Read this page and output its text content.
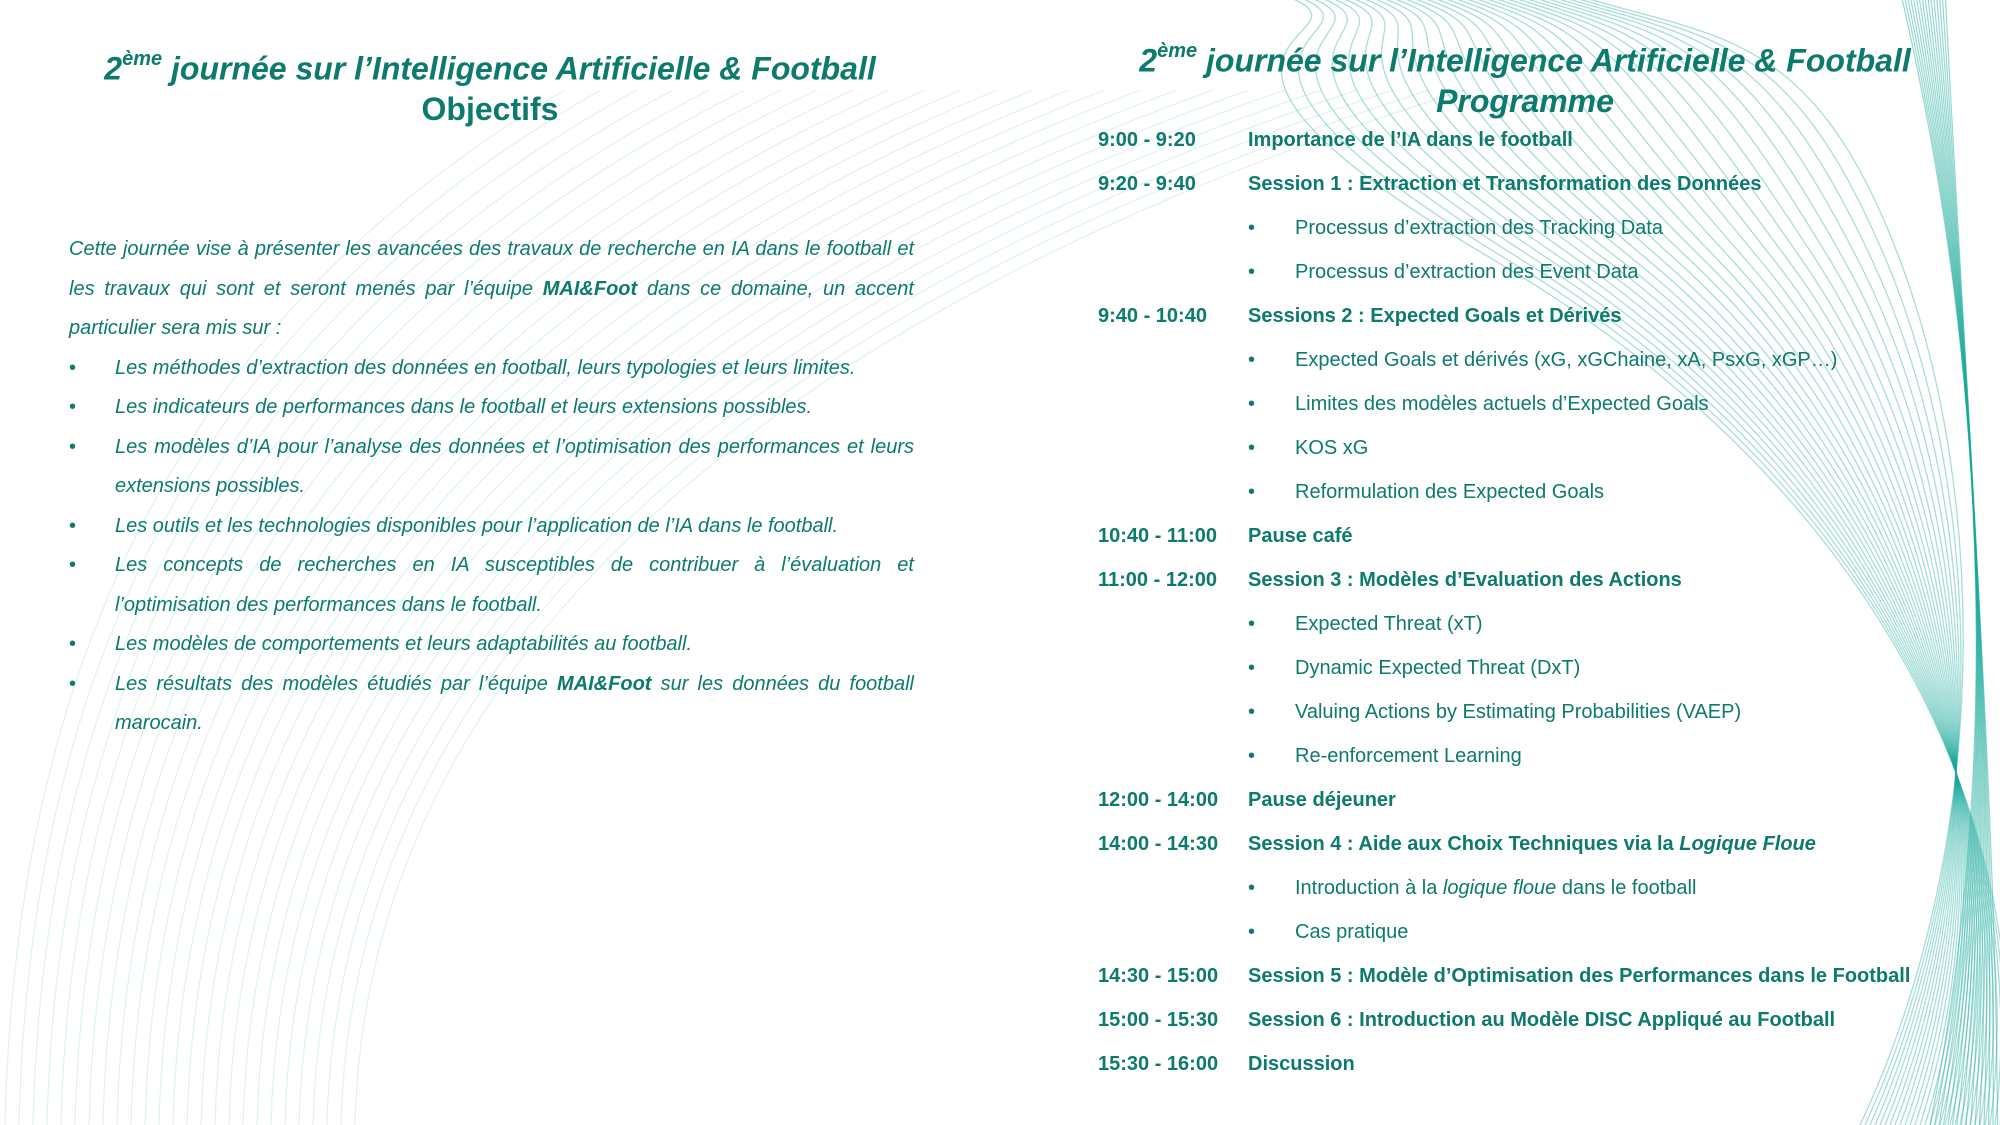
2ème journée sur l’Intelligence Artificielle & Football
Objectifs
2ème journée sur l’Intelligence Artificielle & Football
Programme
Cette journée vise à présenter les avancées des travaux de recherche en IA dans le football et les travaux qui sont et seront menés par l’équipe MAI&Foot dans ce domaine, un accent particulier sera mis sur :
• Les méthodes d’extraction des données en football, leurs typologies et leurs limites.
• Les indicateurs de performances dans le football et leurs extensions possibles.
• Les modèles d’IA pour l’analyse des données et l’optimisation des performances et leurs extensions possibles.
• Les outils et les technologies disponibles pour l’application de l’IA dans le football.
• Les concepts de recherches en IA susceptibles de contribuer à l’évaluation et l’optimisation des performances dans le football.
• Les modèles de comportements et leurs adaptabilités au football.
• Les résultats des modèles étudiés par l’équipe MAI&Foot sur les données du football marocain.
9:00 - 9:20	Importance de l’IA dans le football
9:20 - 9:40	Session 1 : Extraction et Transformation des Données
• Processus d’extraction des Tracking Data
• Processus d’extraction des Event Data
9:40 - 10:40 Sessions 2 : Expected Goals et Dérivés
• Expected Goals et dérivés (xG, xGChaine, xA, PsxG, xGP…)
• Limites des modèles actuels d’Expected Goals
• KOS xG
• Reformulation des Expected Goals
10:40 - 11:00 Pause café
11:00 - 12:00 Session 3 : Modèles d’Evaluation des Actions
• Expected Threat (xT)
• Dynamic Expected Threat (DxT)
• Valuing Actions by Estimating Probabilities (VAEP)
• Re-enforcement Learning
12:00 - 14:00 Pause déjeuner
14:00 - 14:30 Session 4 : Aide aux Choix Techniques via la Logique Floue
• Introduction à la logique floue dans le football
• Cas pratique
14:30 - 15:00 Session 5 : Modèle d’Optimisation des Performances dans le Football
15:00 - 15:30 Session 6 : Introduction au Modèle DISC Appliqué au Football
15:30 - 16:00 Discussion
